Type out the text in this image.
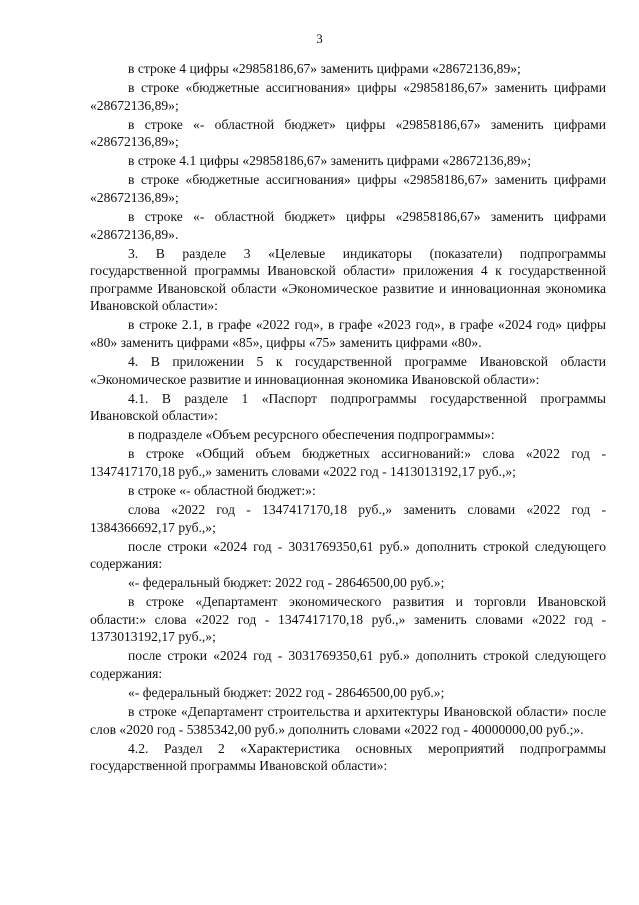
3

в строке 4 цифры «29858186,67» заменить цифрами «28672136,89»;

в строке «бюджетные ассигнования» цифры «29858186,67» заменить цифрами «28672136,89»;

в строке «- областной бюджет» цифры «29858186,67» заменить цифрами «28672136,89»;

в строке 4.1 цифры «29858186,67» заменить цифрами «28672136,89»;

в строке «бюджетные ассигнования» цифры «29858186,67» заменить цифрами «28672136,89»;

в строке «- областной бюджет» цифры «29858186,67» заменить цифрами «28672136,89».

3. В разделе 3 «Целевые индикаторы (показатели) подпрограммы государственной программы Ивановской области» приложения 4 к государственной программе Ивановской области «Экономическое развитие и инновационная экономика Ивановской области»:

в строке 2.1, в графе «2022 год», в графе «2023 год», в графе «2024 год» цифры «80» заменить цифрами «85», цифры «75» заменить цифрами «80».

4. В приложении 5 к государственной программе Ивановской области «Экономическое развитие и инновационная экономика Ивановской области»:

4.1. В разделе 1 «Паспорт подпрограммы государственной программы Ивановской области»:

в подразделе «Объем ресурсного обеспечения подпрограммы»:

в строке «Общий объем бюджетных ассигнований:» слова «2022 год - 1347417170,18 руб.,» заменить словами «2022 год - 1413013192,17 руб.,»;

в строке «- областной бюджет:»:

слова «2022 год - 1347417170,18 руб.,» заменить словами «2022 год - 1384366692,17 руб.,»;

после строки «2024 год - 3031769350,61 руб.» дополнить строкой следующего содержания:

«- федеральный бюджет: 2022 год - 28646500,00 руб.»;

в строке «Департамент экономического развития и торговли Ивановской области:» слова «2022 год - 1347417170,18 руб.,» заменить словами «2022 год - 1373013192,17 руб.,»;

после строки «2024 год - 3031769350,61 руб.» дополнить строкой следующего содержания:

«- федеральный бюджет: 2022 год - 28646500,00 руб.»;

в строке «Департамент строительства и архитектуры Ивановской области» после слов «2020 год - 5385342,00 руб.» дополнить словами «2022 год - 40000000,00 руб.;».

4.2. Раздел 2 «Характеристика основных мероприятий подпрограммы государственной программы Ивановской области»:
